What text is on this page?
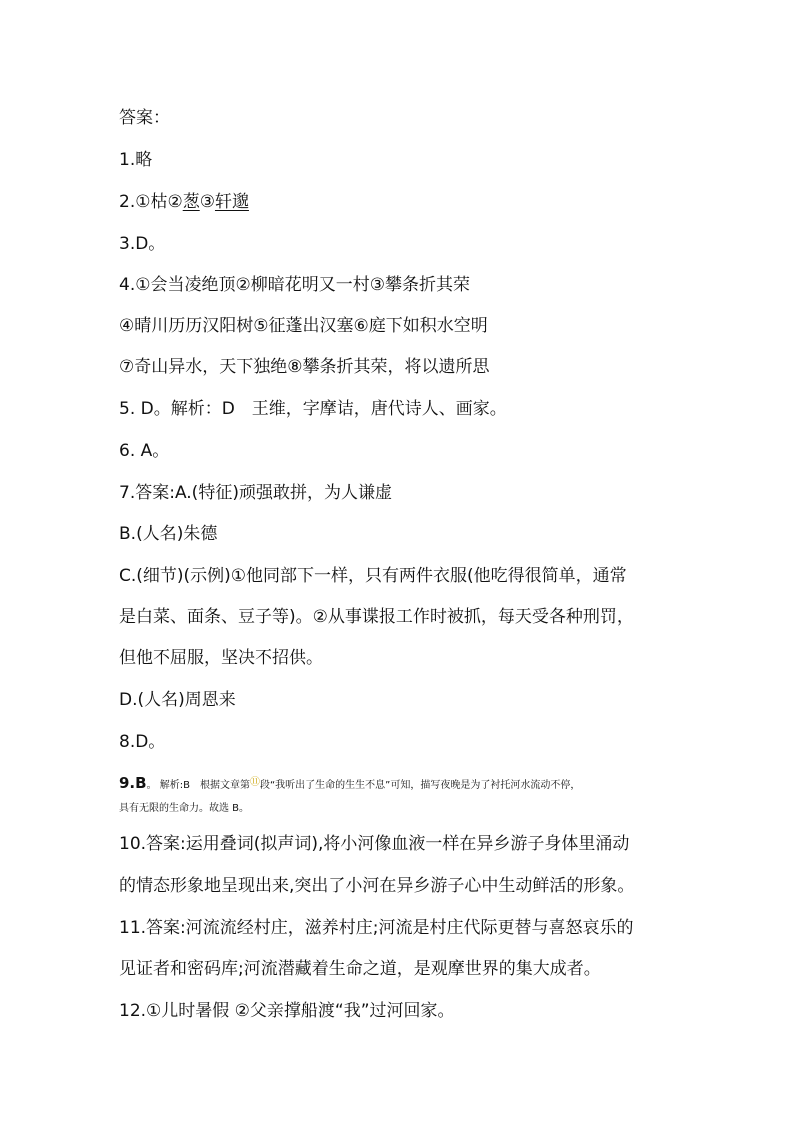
答案：
1.略
2.①枯②葱③轩邈
3.D。
4.①会当凌绝顶②柳暗花明又一村③攀条折其荣
④晴川历历汉阳树⑤征蓬出汉塞⑥庭下如积水空明
⑦奇山异水，天下独绝⑧攀条折其荣，将以遗所思
5. D。解析：D　王维，字摩诘，唐代诗人、画家。
6. A。
7.答案:A.(特征)顽强敢拼，为人谦虚
B.(人名)朱德
C.(细节)(示例)①他同部下一样，只有两件衣服(他吃得很简单，通常
是白菜、面条、豆子等)。②从事谍报工作时被抓，每天受各种刑罚，
但他不屈服，坚决不招供。
D.(人名)周恩来
8.D。
9.B。 解析:B　根据文章第⑪段“我听出了生命的生生不息”可知，描写夜晚是为了衬托河水流动不停，
具有无限的生命力。故选 B。
10.答案:运用叠词(拟声词),将小河像血液一样在异乡游子身体里涌动
的情态形象地呈现出来,突出了小河在异乡游子心中生动鲜活的形象。
11.答案:河流流经村庄，滋养村庄;河流是村庄代际更替与喜怒哀乐的
见证者和密码库;河流潜藏着生命之道，是观摩世界的集大成者。
12.①儿时暑假 ②父亲撑船渡“我”过河回家。
